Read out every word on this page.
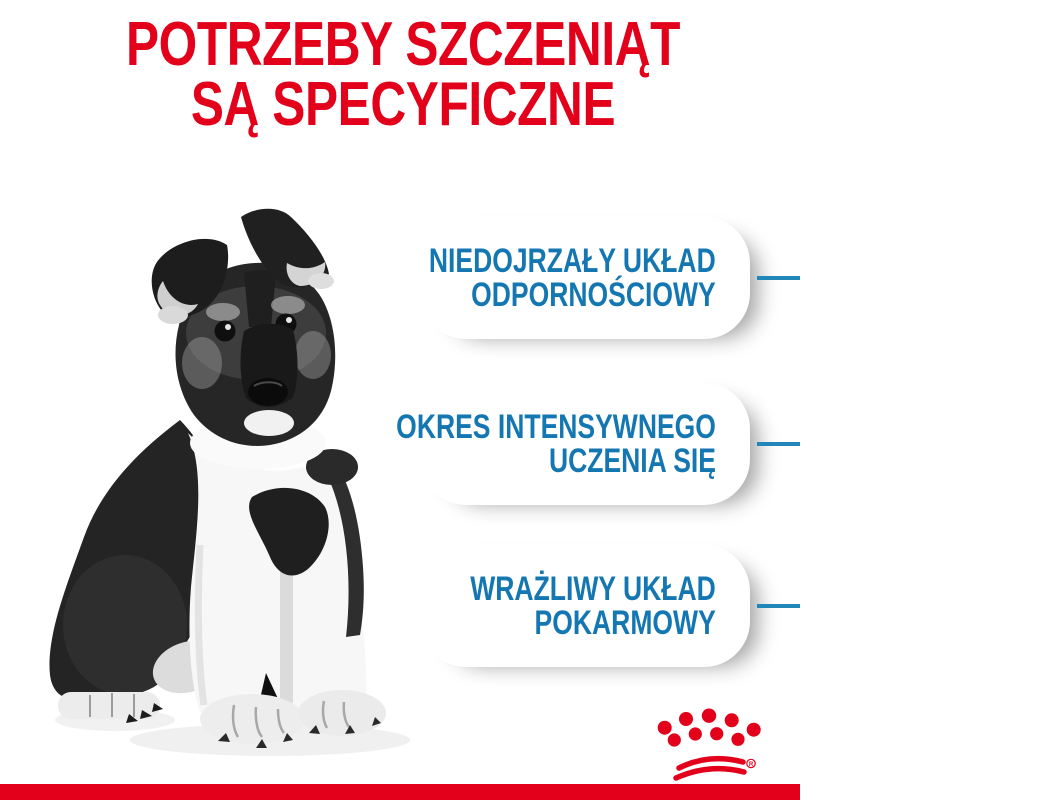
POTRZEBY SZCZENIĄT
SĄ SPECYFICZNE
NIEDOJRZAŁY UKŁAD
ODPORNOŚCIOWY
OKRES INTENSYWNEGO
UCZENIA SIĘ
WRAŻLIWY UKŁAD
POKARMOWY
R
